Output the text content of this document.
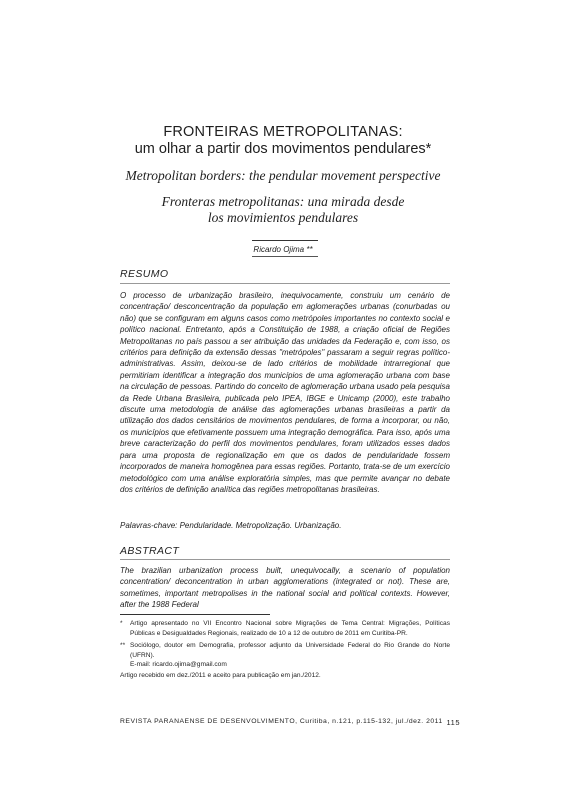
FRONTEIRAS METROPOLITANAS:
um olhar a partir dos movimentos pendulares*
Metropolitan borders: the pendular movement perspective
Fronteras metropolitanas: una mirada desde
los movimientos pendulares
Ricardo Ojima **
RESUMO
O processo de urbanização brasileiro, inequivocamente, construiu um cenário de concentração/ desconcentração da população em aglomerações urbanas (conurbadas ou não) que se configuram em alguns casos como metrópoles importantes no contexto social e político nacional. Entretanto, após a Constituição de 1988, a criação oficial de Regiões Metropolitanas no país passou a ser atribuição das unidades da Federação e, com isso, os critérios para definição da extensão dessas "metrópoles" passaram a seguir regras político-administrativas. Assim, deixou-se de lado critérios de mobilidade intrarregional que permitiriam identificar a integração dos municípios de uma aglomeração urbana com base na circulação de pessoas. Partindo do conceito de aglomeração urbana usado pela pesquisa da Rede Urbana Brasileira, publicada pelo IPEA, IBGE e Unicamp (2000), este trabalho discute uma metodologia de análise das aglomerações urbanas brasileiras a partir da utilização dos dados censitários de movimentos pendulares, de forma a incorporar, ou não, os municípios que efetivamente possuem uma integração demográfica. Para isso, após uma breve caracterização do perfil dos movimentos pendulares, foram utilizados esses dados para uma proposta de regionalização em que os dados de pendularidade fossem incorporados de maneira homogênea para essas regiões. Portanto, trata-se de um exercício metodológico com uma análise exploratória simples, mas que permite avançar no debate dos critérios de definição analítica das regiões metropolitanas brasileiras.
Palavras-chave: Pendularidade. Metropolização. Urbanização.
ABSTRACT
The brazilian urbanization process built, unequivocally, a scenario of population concentration/ deconcentration in urban agglomerations (integrated or not). These are, sometimes, important metropolises in the national social and political contexts. However, after the 1988 Federal
* Artigo apresentado no VII Encontro Nacional sobre Migrações de Tema Central: Migrações, Políticas Públicas e Desigualdades Regionais, realizado de 10 a 12 de outubro de 2011 em Curitiba-PR.
** Sociólogo, doutor em Demografia, professor adjunto da Universidade Federal do Rio Grande do Norte (UFRN).
E-mail: ricardo.ojima@gmail.com
Artigo recebido em dez./2011 e aceito para publicação em jan./2012.
REVISTA PARANAENSE DE DESENVOLVIMENTO, Curitiba, n.121, p.115-132, jul./dez. 2011 115
